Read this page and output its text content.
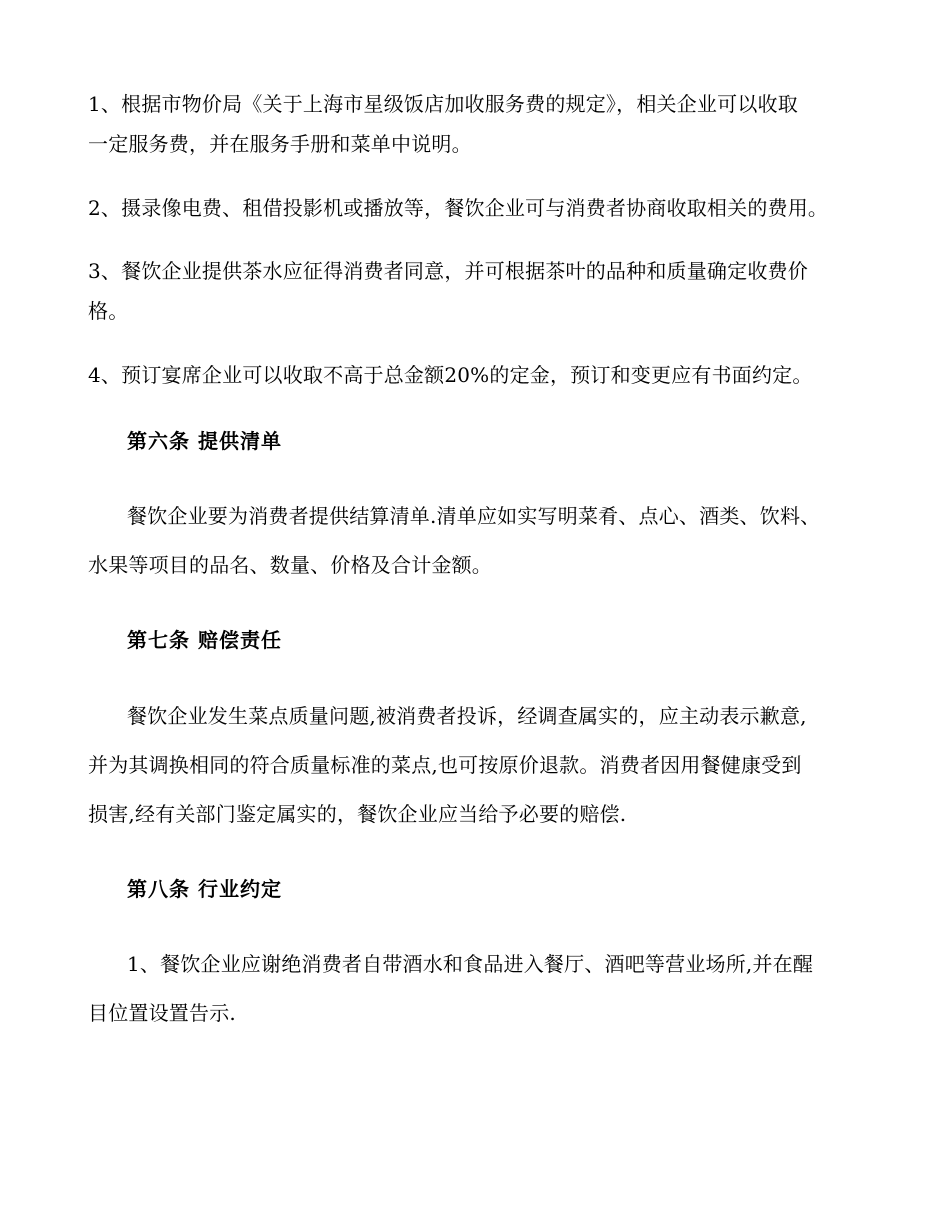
1、根据市物价局《关于上海市星级饭店加收服务费的规定》，相关企业可以收取
一定服务费，并在服务手册和菜单中说明。
2、摄录像电费、租借投影机或播放等，餐饮企业可与消费者协商收取相关的费用。
3、餐饮企业提供茶水应征得消费者同意，并可根据茶叶的品种和质量确定收费价
格。
4、预订宴席企业可以收取不高于总金额20%的定金，预订和变更应有书面约定。
第六条 提供清单
餐饮企业要为消费者提供结算清单.清单应如实写明菜肴、点心、酒类、饮料、
水果等项目的品名、数量、价格及合计金额。
第七条 赔偿责任
餐饮企业发生菜点质量问题,被消费者投诉，经调查属实的，应主动表示歉意,
并为其调换相同的符合质量标准的菜点,也可按原价退款。消费者因用餐健康受到
损害,经有关部门鉴定属实的，餐饮企业应当给予必要的赔偿.
第八条 行业约定
1、餐饮企业应谢绝消费者自带酒水和食品进入餐厅、酒吧等营业场所,并在醒
目位置设置告示.
